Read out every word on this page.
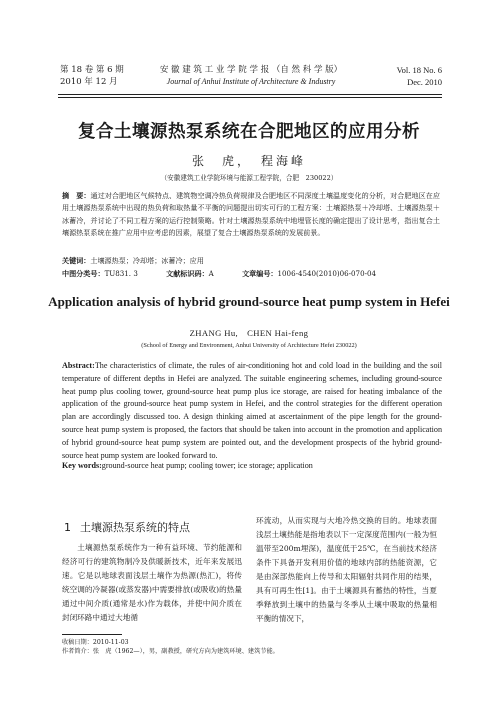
第 18 卷 第 6 期
2010 年 12 月
安 徽 建 筑 工 业 学 院 学 报 （自 然 科 学 版）
Journal of Anhui Institute of Architecture & Industry
Vol. 18 No. 6
Dec. 2010
复合土壤源热泵系统在合肥地区的应用分析
张　虎，　程海峰
（安徽建筑工业学院环境与能源工程学院，合肥　230022）
摘　要：通过对合肥地区气候特点、建筑物空调冷热负荷规律及合肥地区不同深度土壤温度变化的分析，对合肥地区在应用土壤源热泵系统中出现的热负荷和取热量不平衡的问题提出切实可行的工程方案：土壤源热泵＋冷却塔、土壤源热泵＋冰蓄冷，并讨论了不同工程方案的运行控制策略。针对土壤源热泵系统中地埋管长度的确定提出了设计思考，指出复合土壤源热泵系统在推广应用中应考虑的因素，展望了复合土壤源热泵系统的发展前景。
关键词：土壤源热泵；冷却塔；冰蓄冷；应用
中图分类号：TU831. 3	文献标识码：A	文章编号：1006-4540(2010)06-070-04
Application analysis of hybrid ground-source heat pump system in Hefei
ZHANG Hu,　CHEN Hai-feng
(School of Energy and Environment, Anhui University of Architecture Hefei 230022)
Abstract:The characteristics of climate, the rules of air-conditioning hot and cold load in the building and the soil temperature of different depths in Hefei are analyzed. The suitable engineering schemes, including ground-source heat pump plus cooling tower, ground-source heat pump plus ice storage, are raised for heating imbalance of the application of the ground-source heat pump system in Hefei, and the control strategies for the different operation plan are accordingly discussed too. A design thinking aimed at ascertainment of the pipe length for the ground-source heat pump system is proposed, the factors that should be taken into account in the promotion and application of hybrid ground-source heat pump system are pointed out, and the development prospects of the hybrid ground-source heat pump system are looked forward to.
Key words:ground-source heat pump; cooling tower; ice storage; application
1 土壤源热泵系统的特点
土壤源热泵系统作为一种有益环境、节约能源和经济可行的建筑物制冷及供暖新技术，近年来发展迅速。它是以地球表面浅层土壤作为热源(热汇)，将传统空调的冷凝器(或蒸发器)中需要排放(或吸收)的热量通过中间介质(通常是水)作为载体，并使中间介质在封闭环路中通过大地循
环流动，从而实现与大地冷热交换的目的。地球表面浅层土壤热能是指地表以下一定深度范围内(一般为恒温带至200m埋深)，温度低于25℃，在当前技术经济条件下具备开发利用价值的地球内部的热能资源，它是由深部热能向上传导和太阳辐射共同作用的结果，具有可再生性[1]。由于土壤源具有蓄热的特性，当夏季释放到土壤中的热量与冬季从土壤中吸取的热量相平衡的情况下，
收稿日期：2010-11-03
作者简介：张　虎（1962—），男，副教授，研究方向为建筑环境、建筑节能。
